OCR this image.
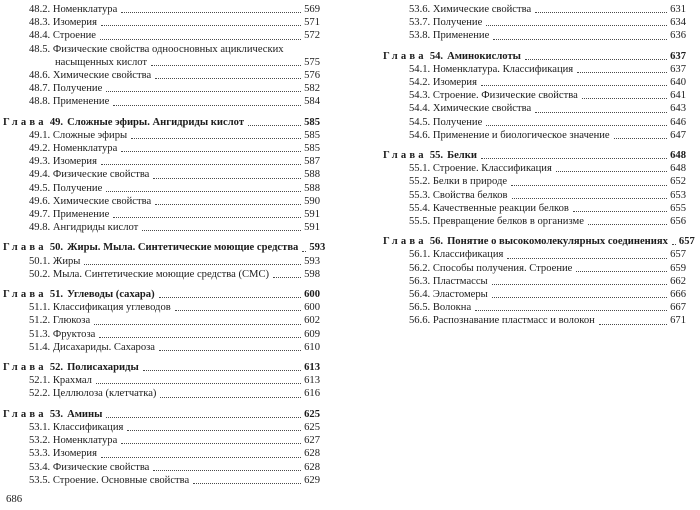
48.2. Номенклатура	569
48.3. Изомерия	571
48.4. Строение	572
48.5. Физические свойства одноосновных ациклических
насыщенных кислот	575
48.6. Химические свойства	576
48.7. Получение	582
48.8. Применение	584
Глава 49. Сложные эфиры. Ангидриды кислот	585
49.1. Сложные эфиры	585
49.2. Номенклатура	585
49.3. Изомерия	587
49.4. Физические свойства	588
49.5. Получение	588
49.6. Химические свойства	590
49.7. Применение	591
49.8. Ангидриды кислот	591
Глава 50. Жиры. Мыла. Синтетические моющие средства 593
50.1. Жиры	593
50.2. Мыла. Синтетические моющие средства (СМС)	598
Глава 51. Углеводы (сахара)	600
51.1. Классификация углеводов	600
51.2. Глюкоза	602
51.3. Фруктоза	609
51.4. Дисахариды. Сахароза	610
Глава 52. Полисахариды	613
52.1. Крахмал	613
52.2. Целлюлоза (клетчатка)	616
Глава 53. Амины	625
53.1. Классификация	625
53.2. Номенклатура	627
53.3. Изомерия	628
53.4. Физические свойства	628
53.5. Строение. Основные свойства	629
53.6. Химические свойства	631
53.7. Получение	634
53.8. Применение	636
Глава 54. Аминокислоты	637
54.1. Номенклатура. Классификация	637
54.2. Изомерия	640
54.3. Строение. Физические свойства	641
54.4. Химические свойства	643
54.5. Получение	646
54.6. Применение и биологическое значение	647
Глава 55. Белки	648
55.1. Строение. Классификация	648
55.2. Белки в природе	652
55.3. Свойства белков	653
55.4. Качественные реакции белков	655
55.5. Превращение белков в организме	656
Глава 56. Понятие о высокомолекулярных соединениях 657
56.1. Классификация	657
56.2. Способы получения. Строение	659
56.3. Пластмассы	662
56.4. Эластомеры	666
56.5. Волокна	667
56.6. Распознавание пластмасс и волокон	671
686
